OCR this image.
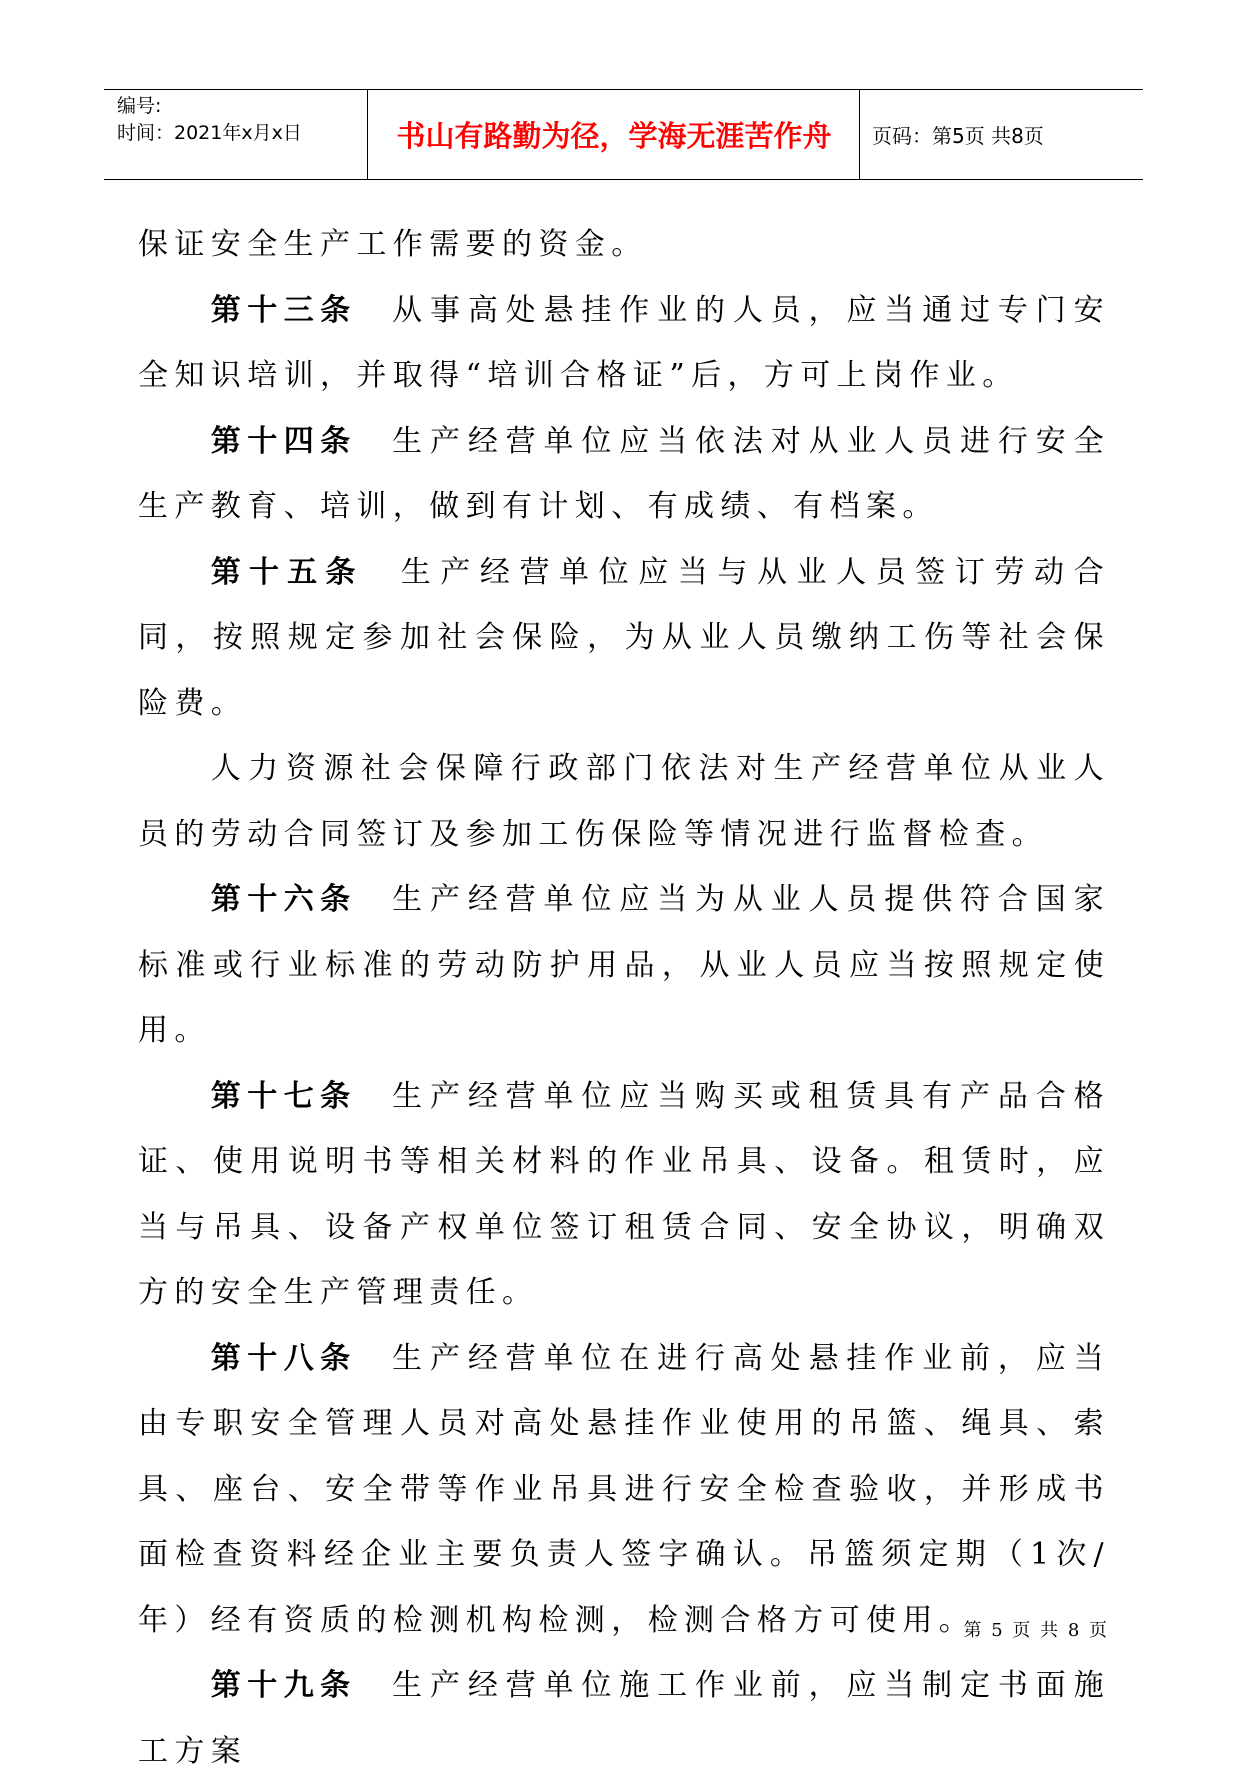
编号:
时间：2021年x月x日	书山有路勤为径，学海无涯苦作舟	页码：第5页 共8页

保证安全生产工作需要的资金。

第十三条 从事高处悬挂作业的人员，应当通过专门安全知识培训，并取得“培训合格证”后，方可上岗作业。

第十四条 生产经营单位应当依法对从业人员进行安全生产教育、培训，做到有计划、有成绩、有档案。

第十五条 生产经营单位应当与从业人员签订劳动合同，按照规定参加社会保险，为从业人员缴纳工伤等社会保险费。

人力资源社会保障行政部门依法对生产经营单位从业人员的劳动合同签订及参加工伤保险等情况进行监督检查。

第十六条 生产经营单位应当为从业人员提供符合国家标准或行业标准的劳动防护用品，从业人员应当按照规定使用。

第十七条 生产经营单位应当购买或租赁具有产品合格证、使用说明书等相关材料的作业吊具、设备。租赁时，应当与吊具、设备产权单位签订租赁合同、安全协议，明确双方的安全生产管理责任。

第十八条 生产经营单位在进行高处悬挂作业前，应当由专职安全管理人员对高处悬挂作业使用的吊篮、绳具、索具、座台、安全带等作业吊具进行安全检查验收，并形成书面检查资料经企业主要负责人签字确认。吊篮须定期（1次/年）经有资质的检测机构检测，检测合格方可使用。

第十九条 生产经营单位施工作业前，应当制定书面施工方案

第 5 页 共 8 页
